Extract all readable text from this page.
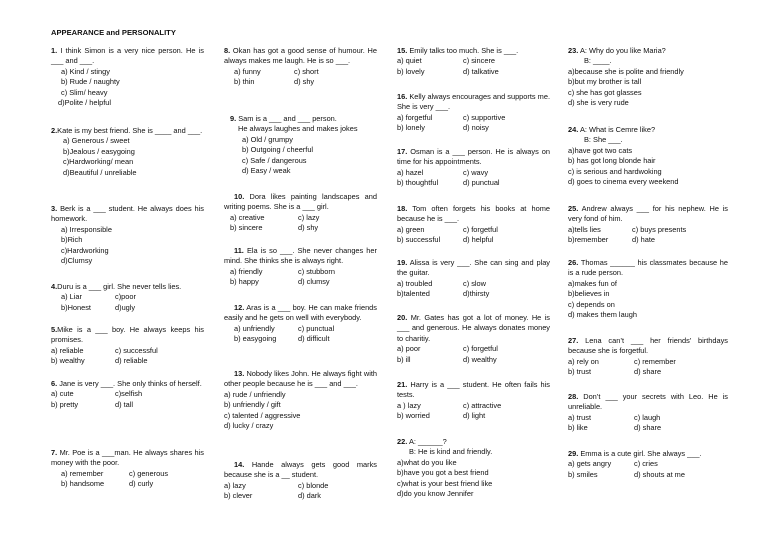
APPEARANCE and PERSONALITY
1. I think Simon is a very nice person. He is ___ and ___.
a) Kind / stingy
b) Rude / naughty
c) Slim/ heavy
d)Polite / helpful
2.Kate is my best friend. She is ____ and ___.
a) Generous / sweet
b)Jealous / easygoing
c)Hardworking/ mean
d)Beautiful / unreliable
3. Berk is a ___ student. He always does his homework.
a) Irresponsible
b)Rich
c)Hardworking
d)Clumsy
4.Duru is a ___ girl. She never tells lies.
a) Liar	c)poor
b)Honest	d)ugly
5.Mike is a ___ boy. He always keeps his promises.
a) reliable	c) successful
b) wealthy	d) reliable
6. Jane is very ___. She only thinks of herself.
a) cute	c)selfish
b) pretty	d) tall
7. Mr. Poe is a ___man. He always shares his money with the poor.
a) remember	c) generous
b) handsome	d) curly
8. Okan has got a good sense of humour. He always makes me laugh. He is so ___.
a) funny	c) short
b) thin	d) shy
9. Sam is a ___ and ___ person.
He always laughes and makes jokes
a) Old / grumpy
b) Outgoing / cheerful
c) Safe / dangerous
d) Easy / weak
10. Dora likes painting landscapes and writing poems. She is a ___ girl.
a) creative	c) lazy
b) sincere	d) shy
11. Ela is so ___. She never changes her mind. She thinks she is always right.
a) friendly	c) stubborn
b) happy	d) clumsy
12. Aras is a ___ boy. He can make friends easily and he gets on well with everybody.
a) unfriendly	c) punctual
b) easygoing	d) difficult
13. Nobody likes John. He always fight with other people because he is ___ and ___.
a) rude / unfriendly
b) unfriendly / gift
c) talented / aggressive
d) lucky / crazy
14. Hande always gets good marks because she is a __ student.
a) lazy	c) blonde
b) clever	d) dark
15. Emily talks too much. She is ___.
a) quiet	c) sincere
b) lovely	d) talkative
16. Kelly always encourages and supports me. She is very ___.
a) forgetful	c) supportive
b) lonely	d) noisy
17. Osman is a ___ person. He is always on time for his appointments.
a) hazel	c) wavy
b) thoughtful	d) punctual
18. Tom often forgets his books at home because he is ___.
a) green	c) forgetful
b) successful	d) helpful
19. Alissa is very ___. She can sing and play the guitar.
a) troubled	c) slow
b)talented	d)thirsty
20. Mr. Gates has got a lot of money. He is ___ and generous. He always donates money to charitiy.
a) poor	c) forgetful
b) ill	d) wealthy
21. Harry is a ___ student. He often fails his tests.
a ) lazy	c) attractive
b) worried	d) light
22. A: ______?
B: He is kind and friendly.
a)what do you like
b)have you got a best friend
c)what is your best friend like
d)do you know Jennifer
23. A: Why do you like Maria?
B: ____.
a)because she is polite and friendly
b)but my brother is tall
c) she has got glasses
d) she is very rude
24. A: What is Cemre like?
B: She ___.
a)have got two cats
b) has got long blonde hair
c) is serious and hardwoking
d) goes to cinema every weekend
25. Andrew always ___ for his nephew. He is very fond of him.
a)tells lies	c) buys presents
b)remember	d) hate
26. Thomas ______ his classmates because he is a rude person.
a)makes fun of
b)believes in
c) depends on
d) makes them laugh
27. Lena can’t ___ her friends’ birthdays because she is forgetful.
a) rely on	c) remember
b) trust	d) share
28. Don’t ___ your secrets with Leo. He is unreliable.
a) trust	c) laugh
b) like	d) share
29. Emma is a cute girl. She always ___.
a) gets angry	c) cries
b) smiles	d) shouts at me
